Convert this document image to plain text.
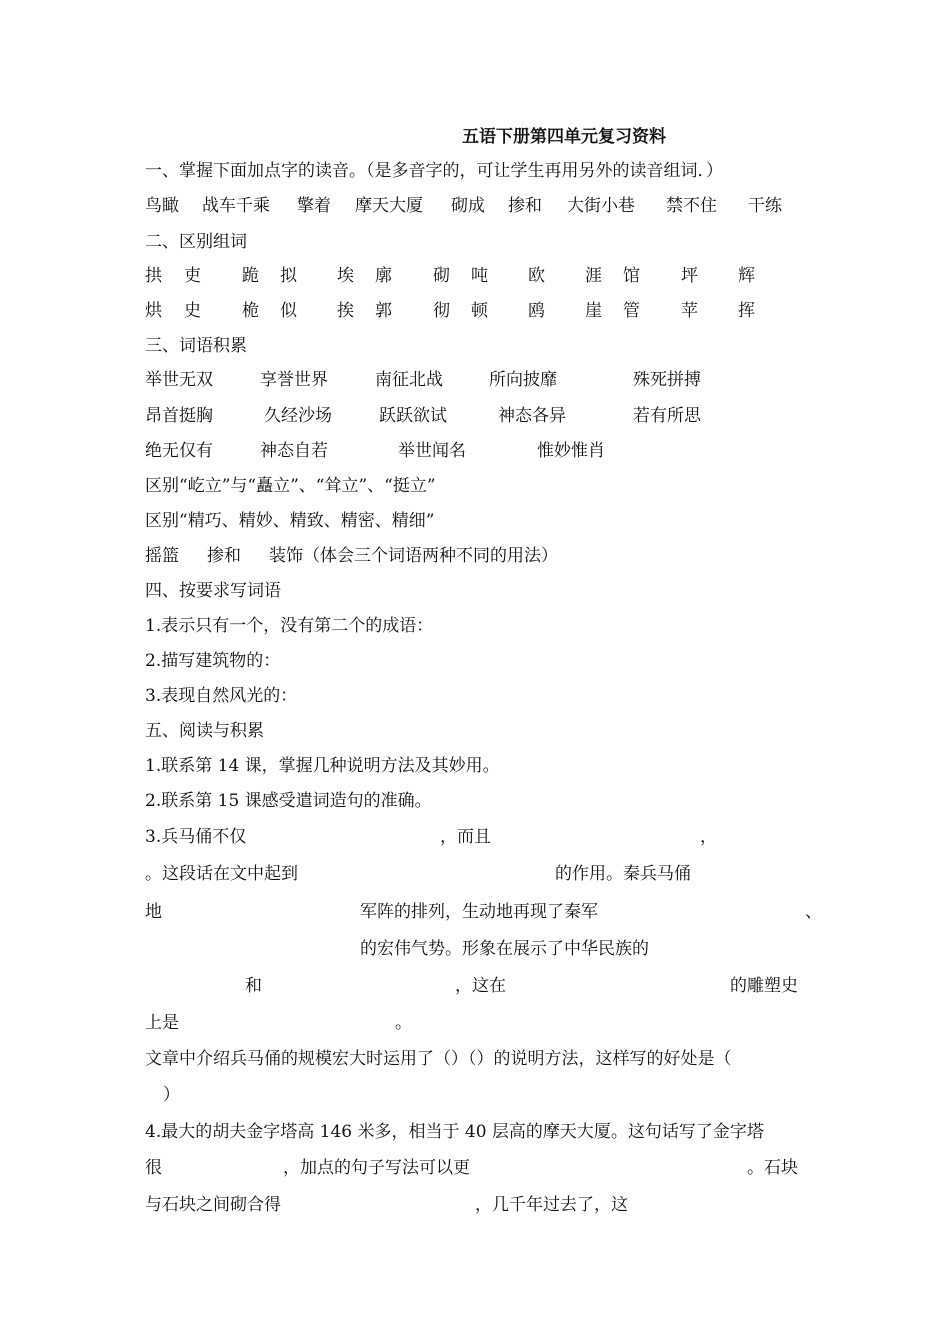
五语下册第四单元复习资料
一、掌握下面加点字的读音。（是多音字的，可让学生再用另外的读音组词．）
鸟瞰 战车千乘 擎着 摩天大厦 砌成 掺和 大街小巷 禁不住 干练
二、区别组词
拱 吏 跪 拟 埃 廓 砌 吨 欧 涯 馆 坪 辉
烘 史 桅 似 挨 郭 彻 顿 鸥 崖 管 苹 挥
三、词语积累
举世无双	享誉世界	南征北战	所向披靡	殊死拼搏
昂首挺胸	久经沙场	跃跃欲试	神态各异	若有所思
绝无仅有	神态自若	举世闻名	惟妙惟肖
区别“屹立”与“矗立”、“耸立”、“挺立”
区别“精巧、精妙、精致、精密、精细”
摇篮 掺和 装饰（体会三个词语两种不同的用法）
四、按要求写词语
1.表示只有一个，没有第二个的成语：
2.描写建筑物的：
3.表现自然风光的：
五、阅读与积累
1.联系第 14 课，掌握几种说明方法及其妙用。
2.联系第 15 课感受遣词造句的准确。
3.兵马俑不仅	，而且	，
。这段话在文中起到	的作用。秦兵马俑
地	军阵的排列，生动地再现了秦军	、
的宏伟气势。形象在展示了中华民族的
和	，这在	的雕塑史
上是	。
文章中介绍兵马俑的规模宏大时运用了（）（）的说明方法，这样写的好处是（
）
4.最大的胡夫金字塔高 146 米多，相当于 40 层高的摩天大厦。这句话写了金字塔
很	，加点的句子写法可以更	。石块
与石块之间砌合得	，几千年过去了，这
